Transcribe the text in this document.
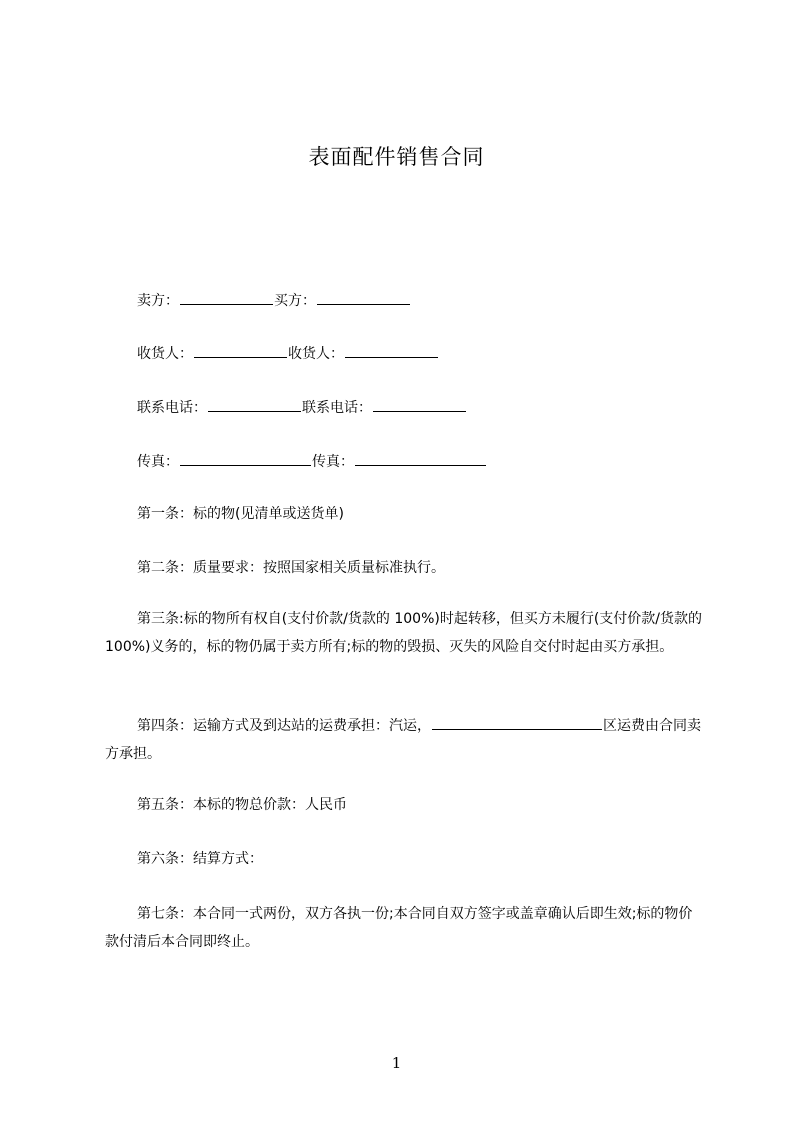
表面配件销售合同
卖方：	买方：
收货人：	收货人：
联系电话：	联系电话：
传真：	传真：
第一条：标的物(见清单或送货单)
第二条：质量要求：按照国家相关质量标准执行。
第三条:标的物所有权自(支付价款/货款的 100%)时起转移，但买方未履行(支付价款/货款的 100%)义务的，标的物仍属于卖方所有;标的物的毁损、灭失的风险自交付时起由买方承担。
第四条：运输方式及到达站的运费承担：汽运，	区运费由合同卖方承担。
第五条：本标的物总价款：人民币
第六条：结算方式：
第七条：本合同一式两份，双方各执一份;本合同自双方签字或盖章确认后即生效;标的物价款付清后本合同即终止。
1
